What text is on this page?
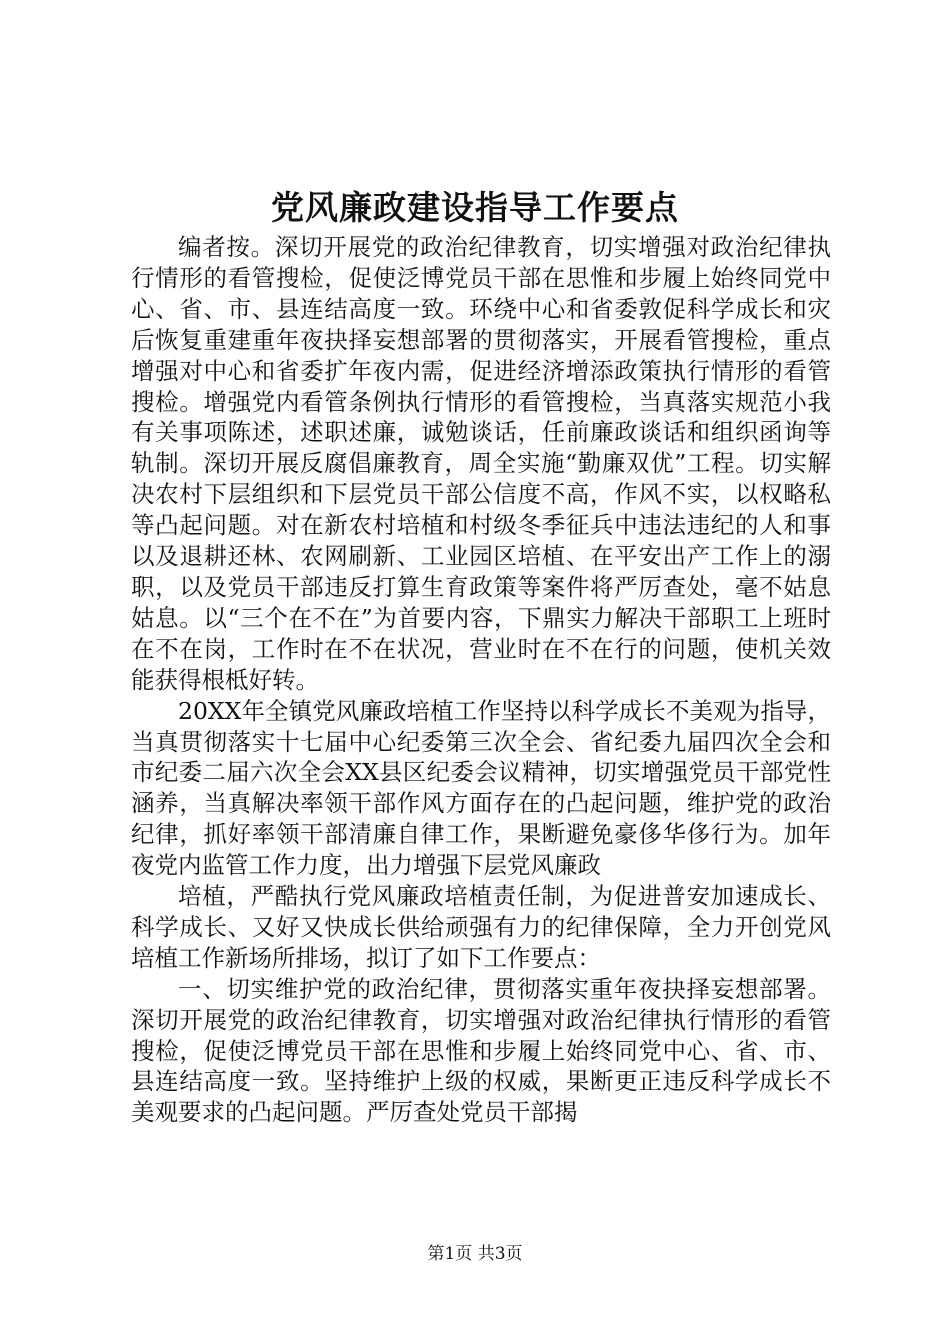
党风廉政建设指导工作要点

编者按。深切开展党的政治纪律教育，切实增强对政治纪律执行情形的看管搜检，促使泛博党员干部在思惟和步履上始终同党中心、省、市、县连结高度一致。环绕中心和省委敦促科学成长和灾后恢复重建重年夜抉择妄想部署的贯彻落实，开展看管搜检，重点增强对中心和省委扩年夜内需，促进经济增添政策执行情形的看管搜检。增强党内看管条例执行情形的看管搜检，当真落实规范小我有关事项陈述，述职述廉，诚勉谈话，任前廉政谈话和组织函询等轨制。深切开展反腐倡廉教育，周全实施“勤廉双优”工程。切实解决农村下层组织和下层党员干部公信度不高，作风不实，以权略私等凸起问题。对在新农村培植和村级冬季征兵中违法违纪的人和事以及退耕还林、农网刷新、工业园区培植、在平安出产工作上的溺职，以及党员干部违反打算生育政策等案件将严厉查处，毫不姑息姑息。以“三个在不在”为首要内容，下鼎实力解决干部职工上班时在不在岗，工作时在不在状况，营业时在不在行的问题，使机关效能获得根柢好转。

20XX年全镇党风廉政培植工作坚持以科学成长不美观为指导，当真贯彻落实十七届中心纪委第三次全会、省纪委九届四次全会和市纪委二届六次全会XX县区纪委会议精神，切实增强党员干部党性涵养，当真解决率领干部作风方面存在的凸起问题，维护党的政治纪律，抓好率领干部清廉自律工作，果断避免豪侈华侈行为。加年夜党内监管工作力度，出力增强下层党风廉政

培植，严酷执行党风廉政培植责任制，为促进普安加速成长、科学成长、又好又快成长供给顽强有力的纪律保障，全力开创党风培植工作新场所排场，拟订了如下工作要点：

一、切实维护党的政治纪律，贯彻落实重年夜抉择妄想部署。深切开展党的政治纪律教育，切实增强对政治纪律执行情形的看管搜检，促使泛博党员干部在思惟和步履上始终同党中心、省、市、县连结高度一致。坚持维护上级的权威，果断更正违反科学成长不美观要求的凸起问题。严厉查处党员干部揭

第1页 共3页
